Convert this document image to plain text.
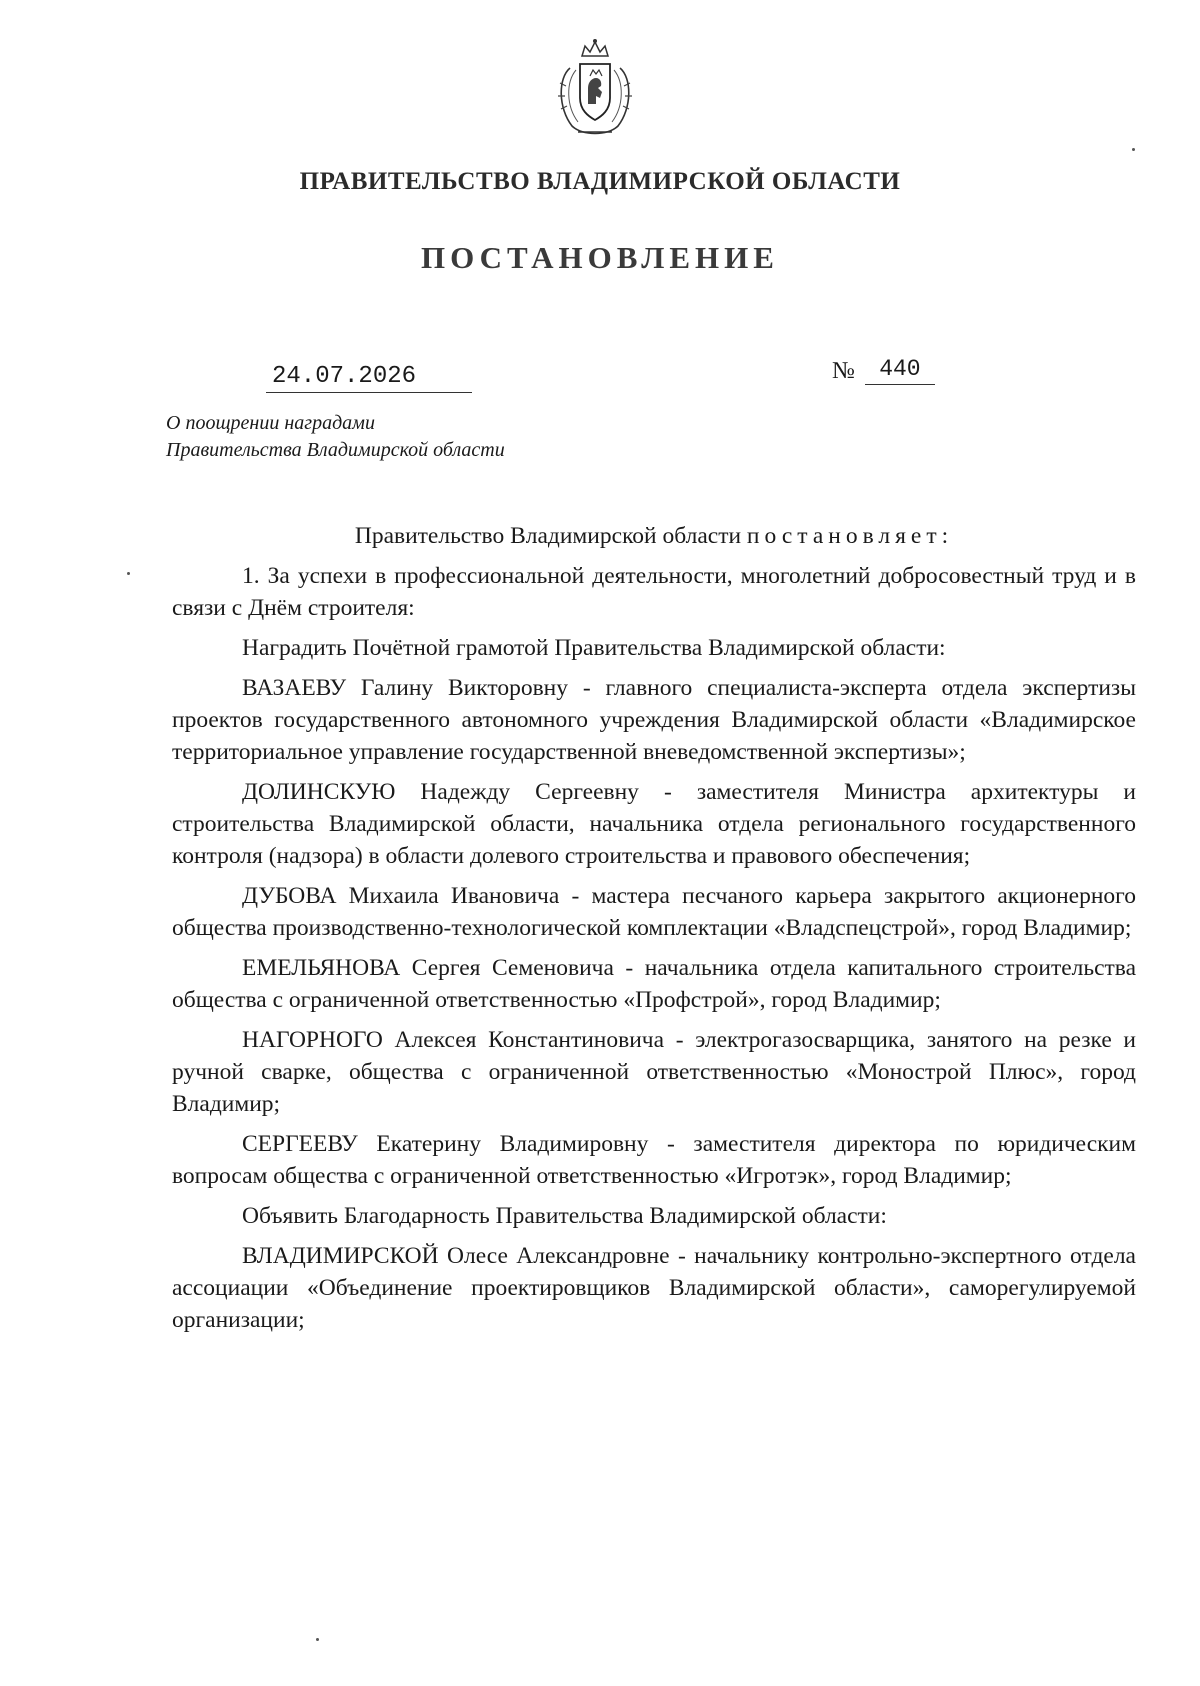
ПРАВИТЕЛЬСТВО ВЛАДИМИРСКОЙ ОБЛАСТИ
ПОСТАНОВЛЕНИЕ
24.07.2026	№ 440
О поощрении наградами
Правительства Владимирской области

Правительство Владимирской области постановляет:

1. За успехи в профессиональной деятельности, многолетний добросовестный труд и в связи с Днём строителя:

Наградить Почётной грамотой Правительства Владимирской области:

ВАЗАЕВУ Галину Викторовну - главного специалиста-эксперта отдела экспертизы проектов государственного автономного учреждения Владимирской области «Владимирское территориальное управление государственной вневедомственной экспертизы»;

ДОЛИНСКУЮ Надежду Сергеевну - заместителя Министра архитектуры и строительства Владимирской области, начальника отдела регионального государственного контроля (надзора) в области долевого строительства и правового обеспечения;

ДУБОВА Михаила Ивановича - мастера песчаного карьера закрытого акционерного общества производственно-технологической комплектации «Владспецстрой», город Владимир;

ЕМЕЛЬЯНОВА Сергея Семеновича - начальника отдела капитального строительства общества с ограниченной ответственностью «Профстрой», город Владимир;

НАГОРНОГО Алексея Константиновича - электрогазосварщика, занятого на резке и ручной сварке, общества с ограниченной ответственностью «Монострой Плюс», город Владимир;

СЕРГЕЕВУ Екатерину Владимировну - заместителя директора по юридическим вопросам общества с ограниченной ответственностью «Игротэк», город Владимир;

Объявить Благодарность Правительства Владимирской области:

ВЛАДИМИРСКОЙ Олесе Александровне - начальнику контрольно-экспертного отдела ассоциации «Объединение проектировщиков Владимирской области», саморегулируемой организации;
